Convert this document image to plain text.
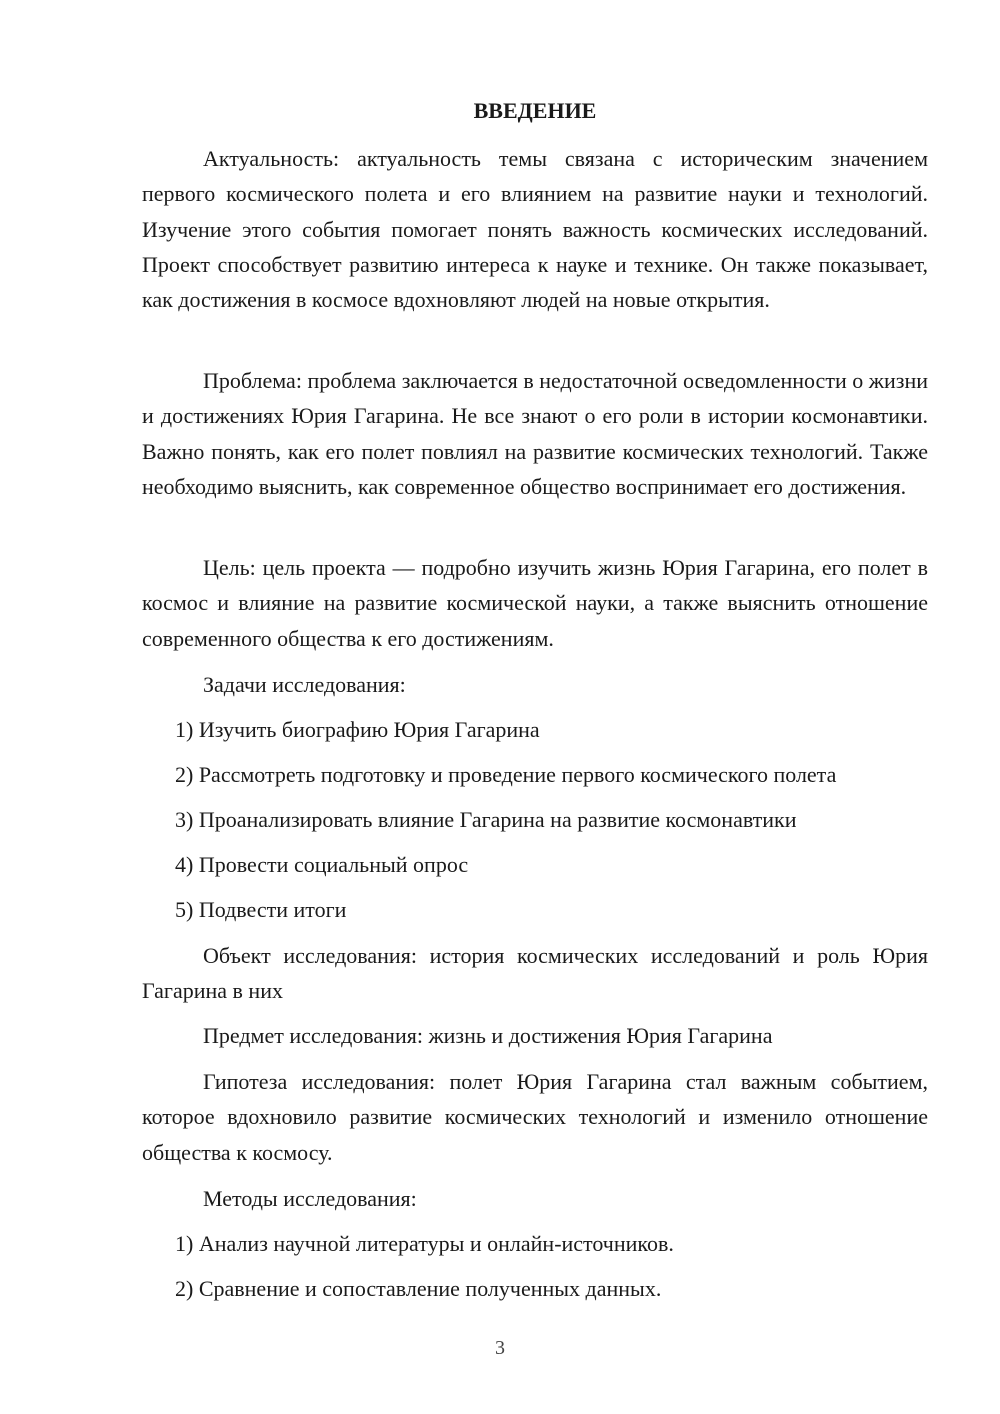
ВВЕДЕНИЕ
Актуальность: актуальность темы связана с историческим значением первого космического полета и его влиянием на развитие науки и технологий. Изучение этого события помогает понять важность космических исследований. Проект способствует развитию интереса к науке и технике. Он также показывает, как достижения в космосе вдохновляют людей на новые открытия.
Проблема: проблема заключается в недостаточной осведомленности о жизни и достижениях Юрия Гагарина. Не все знают о его роли в истории космонавтики. Важно понять, как его полет повлиял на развитие космических технологий. Также необходимо выяснить, как современное общество воспринимает его достижения.
Цель: цель проекта — подробно изучить жизнь Юрия Гагарина, его полет в космос и влияние на развитие космической науки, а также выяснить отношение современного общества к его достижениям.
Задачи исследования:
1) Изучить биографию Юрия Гагарина
2) Рассмотреть подготовку и проведение первого космического полета
3) Проанализировать влияние Гагарина на развитие космонавтики
4) Провести социальный опрос
5) Подвести итоги
Объект исследования: история космических исследований и роль Юрия Гагарина в них
Предмет исследования: жизнь и достижения Юрия Гагарина
Гипотеза исследования: полет Юрия Гагарина стал важным событием, которое вдохновило развитие космических технологий и изменило отношение общества к космосу.
Методы исследования:
1) Анализ научной литературы и онлайн-источников.
2) Сравнение и сопоставление полученных данных.
3
